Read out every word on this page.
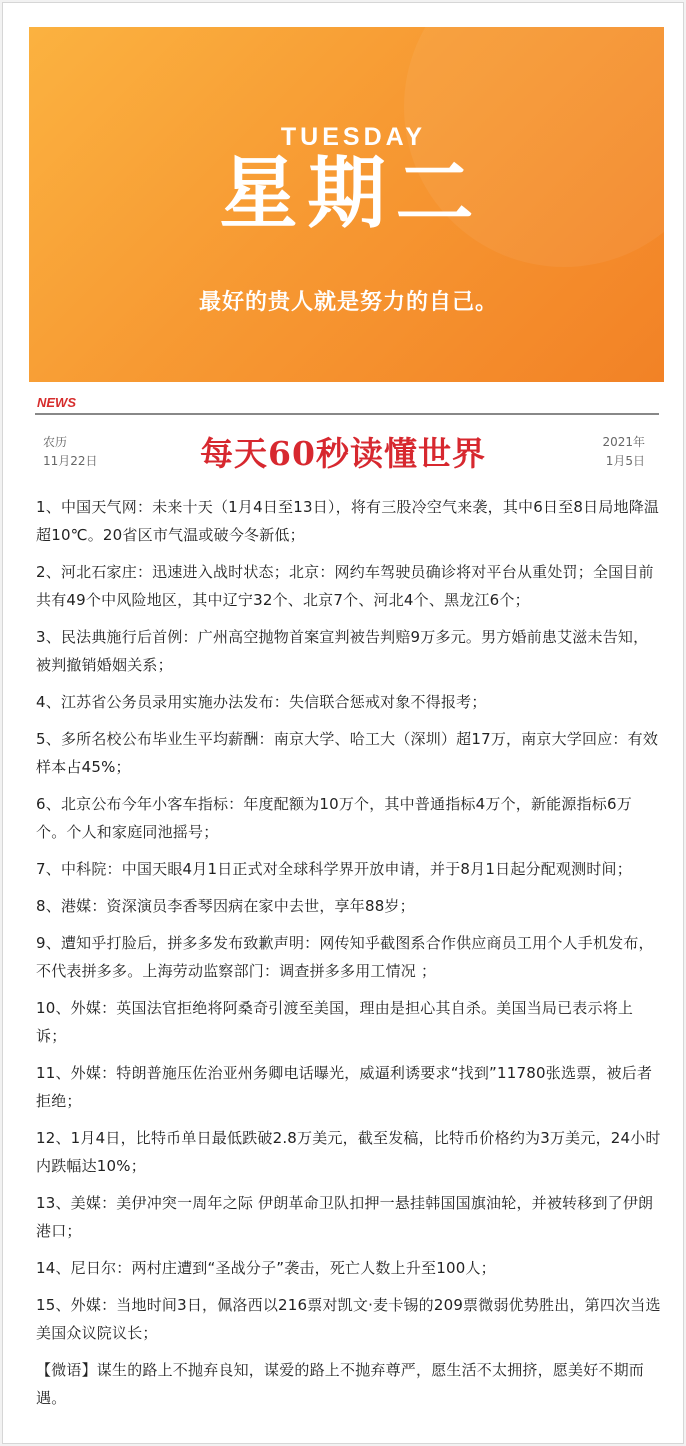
TUESDAY
星期二
最好的贵人就是努力的自己。
NEWS
农历
11月22日	每天60秒读懂世界	2021年
1月5日

1、中国天气网：未来十天（1月4日至13日），将有三股冷空气来袭，其中6日至8日局地降温超10℃。20省区市气温或破今冬新低；

2、河北石家庄：迅速进入战时状态；北京：网约车驾驶员确诊将对平台从重处罚；全国目前共有49个中风险地区，其中辽宁32个、北京7个、河北4个、黑龙江6个；

3、民法典施行后首例：广州高空抛物首案宣判被告判赔9万多元。男方婚前患艾滋未告知，被判撤销婚姻关系；

4、江苏省公务员录用实施办法发布：失信联合惩戒对象不得报考；

5、多所名校公布毕业生平均薪酬：南京大学、哈工大（深圳）超17万，南京大学回应：有效样本占45%；

6、北京公布今年小客车指标：年度配额为10万个，其中普通指标4万个，新能源指标6万个。个人和家庭同池摇号；

7、中科院：中国天眼4月1日正式对全球科学界开放申请，并于8月1日起分配观测时间；

8、港媒：资深演员李香琴因病在家中去世，享年88岁；

9、遭知乎打脸后，拼多多发布致歉声明：网传知乎截图系合作供应商员工用个人手机发布，不代表拼多多。上海劳动监察部门：调查拼多多用工情况 ；

10、外媒：英国法官拒绝将阿桑奇引渡至美国，理由是担心其自杀。美国当局已表示将上诉；

11、外媒：特朗普施压佐治亚州务卿电话曝光，威逼利诱要求“找到”11780张选票，被后者拒绝；

12、1月4日，比特币单日最低跌破2.8万美元，截至发稿，比特币价格约为3万美元，24小时内跌幅达10%；

13、美媒：美伊冲突一周年之际 伊朗革命卫队扣押一悬挂韩国国旗油轮，并被转移到了伊朗港口；

14、尼日尔：两村庄遭到“圣战分子”袭击，死亡人数上升至100人；

15、外媒：当地时间3日，佩洛西以216票对凯文·麦卡锡的209票微弱优势胜出，第四次当选美国众议院议长；

【微语】谋生的路上不抛弃良知，谋爱的路上不抛弃尊严，愿生活不太拥挤，愿美好不期而遇。
